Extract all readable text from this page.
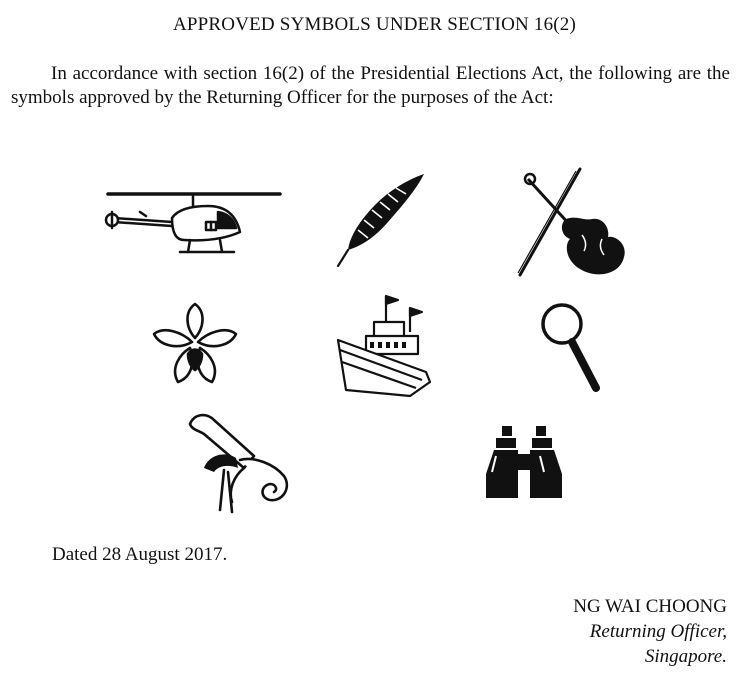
APPROVED SYMBOLS UNDER SECTION 16(2)
In accordance with section 16(2) of the Presidential Elections Act, the following are the symbols approved by the Returning Officer for the purposes of the Act:
Dated 28 August 2017.
NG WAI CHOONG
Returning Officer,
Singapore.
